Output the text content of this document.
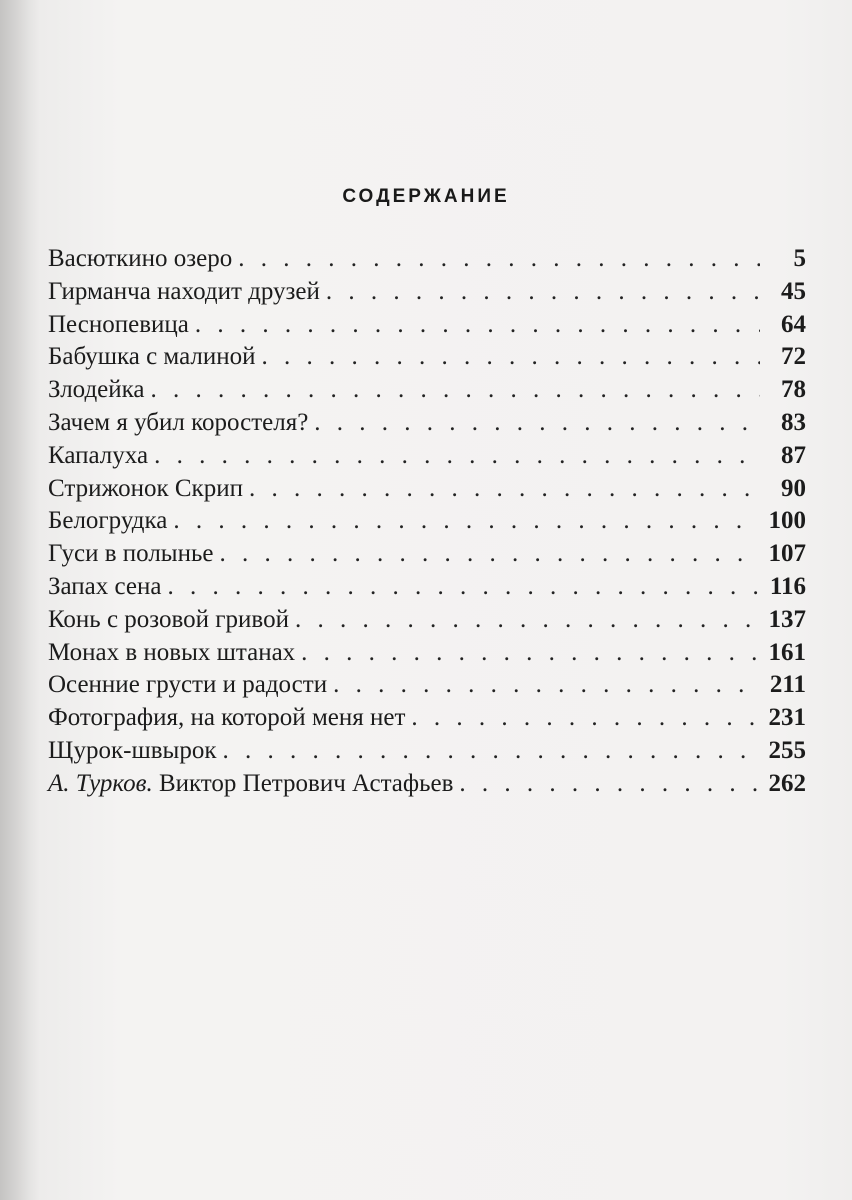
СОДЕРЖАНИЕ
Васюткино озеро . . .	5
Гирманча находит друзей . . .	45
Песнопевица . . .	64
Бабушка с малиной . . .	72
Злодейка . . .	78
Зачем я убил коростеля? . . .	83
Капалуха . . .	87
Стрижонок Скрип . . .	90
Белогрудка . . .	100
Гуси в полынье . . .	107
Запах сена . . .	116
Конь с розовой гривой . . .	137
Монах в новых штанах . . .	161
Осенние грусти и радости . . .	211
Фотография, на которой меня нет . . .	231
Щурок-швырок . . .	255
А. Турков. Виктор Петрович Астафьев . . .	262
